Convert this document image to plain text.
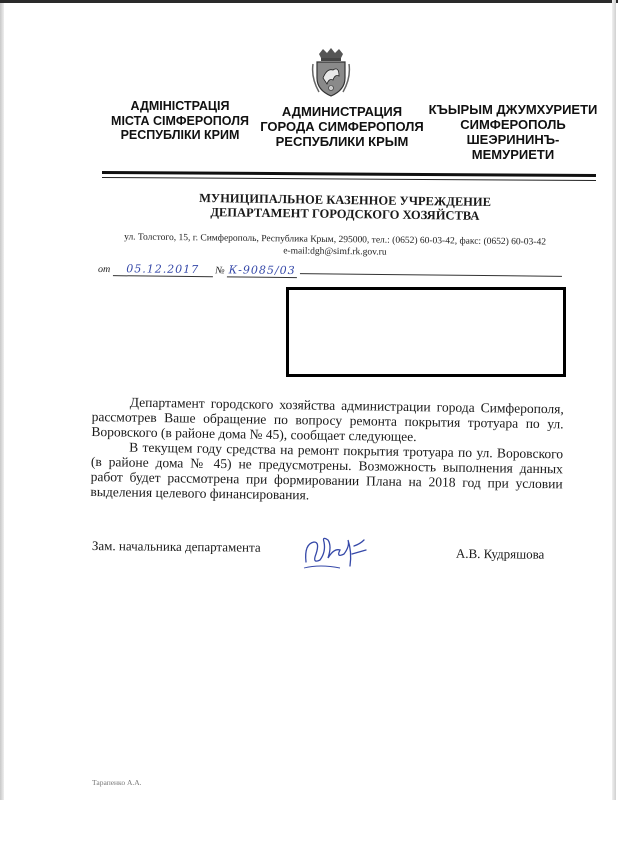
АДМІНІСТРАЦІЯ
МІСТА СІМФЕРОПОЛЯ
РЕСПУБЛІКИ КРИМ
АДМИНИСТРАЦИЯ
ГОРОДА СИМФЕРОПОЛЯ
РЕСПУБЛИКИ КРЫМ
КЪЫРЫМ ДЖУМХУРИЕТИ
СИМФЕРОПОЛЬ
ШЕЭРИНИНЪ-
МЕМУРИЕТИ
МУНИЦИПАЛЬНОЕ КАЗЕННОЕ УЧРЕЖДЕНИЕ
ДЕПАРТАМЕНТ ГОРОДСКОГО ХОЗЯЙСТВА
ул. Толстого, 15, г. Симферополь, Республика Крым, 295000, тел.: (0652) 60-03-42, факс: (0652) 60-03-42
e-mail:dgh@simf.rk.gov.ru
от 05.12.2017 № К-9085/03

Департамент городского хозяйства администрации города Симферополя, рассмотрев Ваше обращение по вопросу ремонта покрытия тротуара по ул. Воровского (в районе дома № 45), сообщает следующее.

В текущем году средства на ремонт покрытия тротуара по ул. Воровского (в районе дома № 45) не предусмотрены. Возможность выполнения данных работ будет рассмотрена при формировании Плана на 2018 год при условии выделения целевого финансирования.

Зам. начальника департамента	А.В. Кудряшова
Тарапенко А.А.
